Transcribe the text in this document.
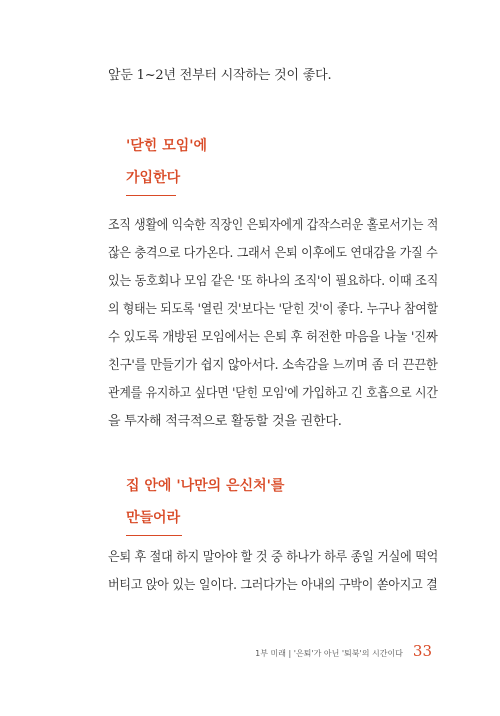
앞둔 1~2년 전부터 시작하는 것이 좋다.
'닫힌 모임'에
가입한다
조직 생활에 익숙한 직장인 은퇴자에게 갑작스러운 홀로서기는 적
잖은 충격으로 다가온다. 그래서 은퇴 이후에도 연대감을 가질 수
있는 동호회나 모임 같은 '또 하나의 조직'이 필요하다. 이때 조직
의 형태는 되도록 '열린 것'보다는 '닫힌 것'이 좋다. 누구나 참여할
수 있도록 개방된 모임에서는 은퇴 후 허전한 마음을 나눌 '진짜
친구'를 만들기가 쉽지 않아서다. 소속감을 느끼며 좀 더 끈끈한
관계를 유지하고 싶다면 '닫힌 모임'에 가입하고 긴 호흡으로 시간
을 투자해 적극적으로 활동할 것을 권한다.
집 안에 '나만의 은신처'를
만들어라
은퇴 후 절대 하지 말아야 할 것 중 하나가 하루 종일 거실에 떡억
버티고 앉아 있는 일이다. 그러다가는 아내의 구박이 쏟아지고 결
1부 미래 | '은퇴'가 아닌 '퇴북'의 시간이다 33
